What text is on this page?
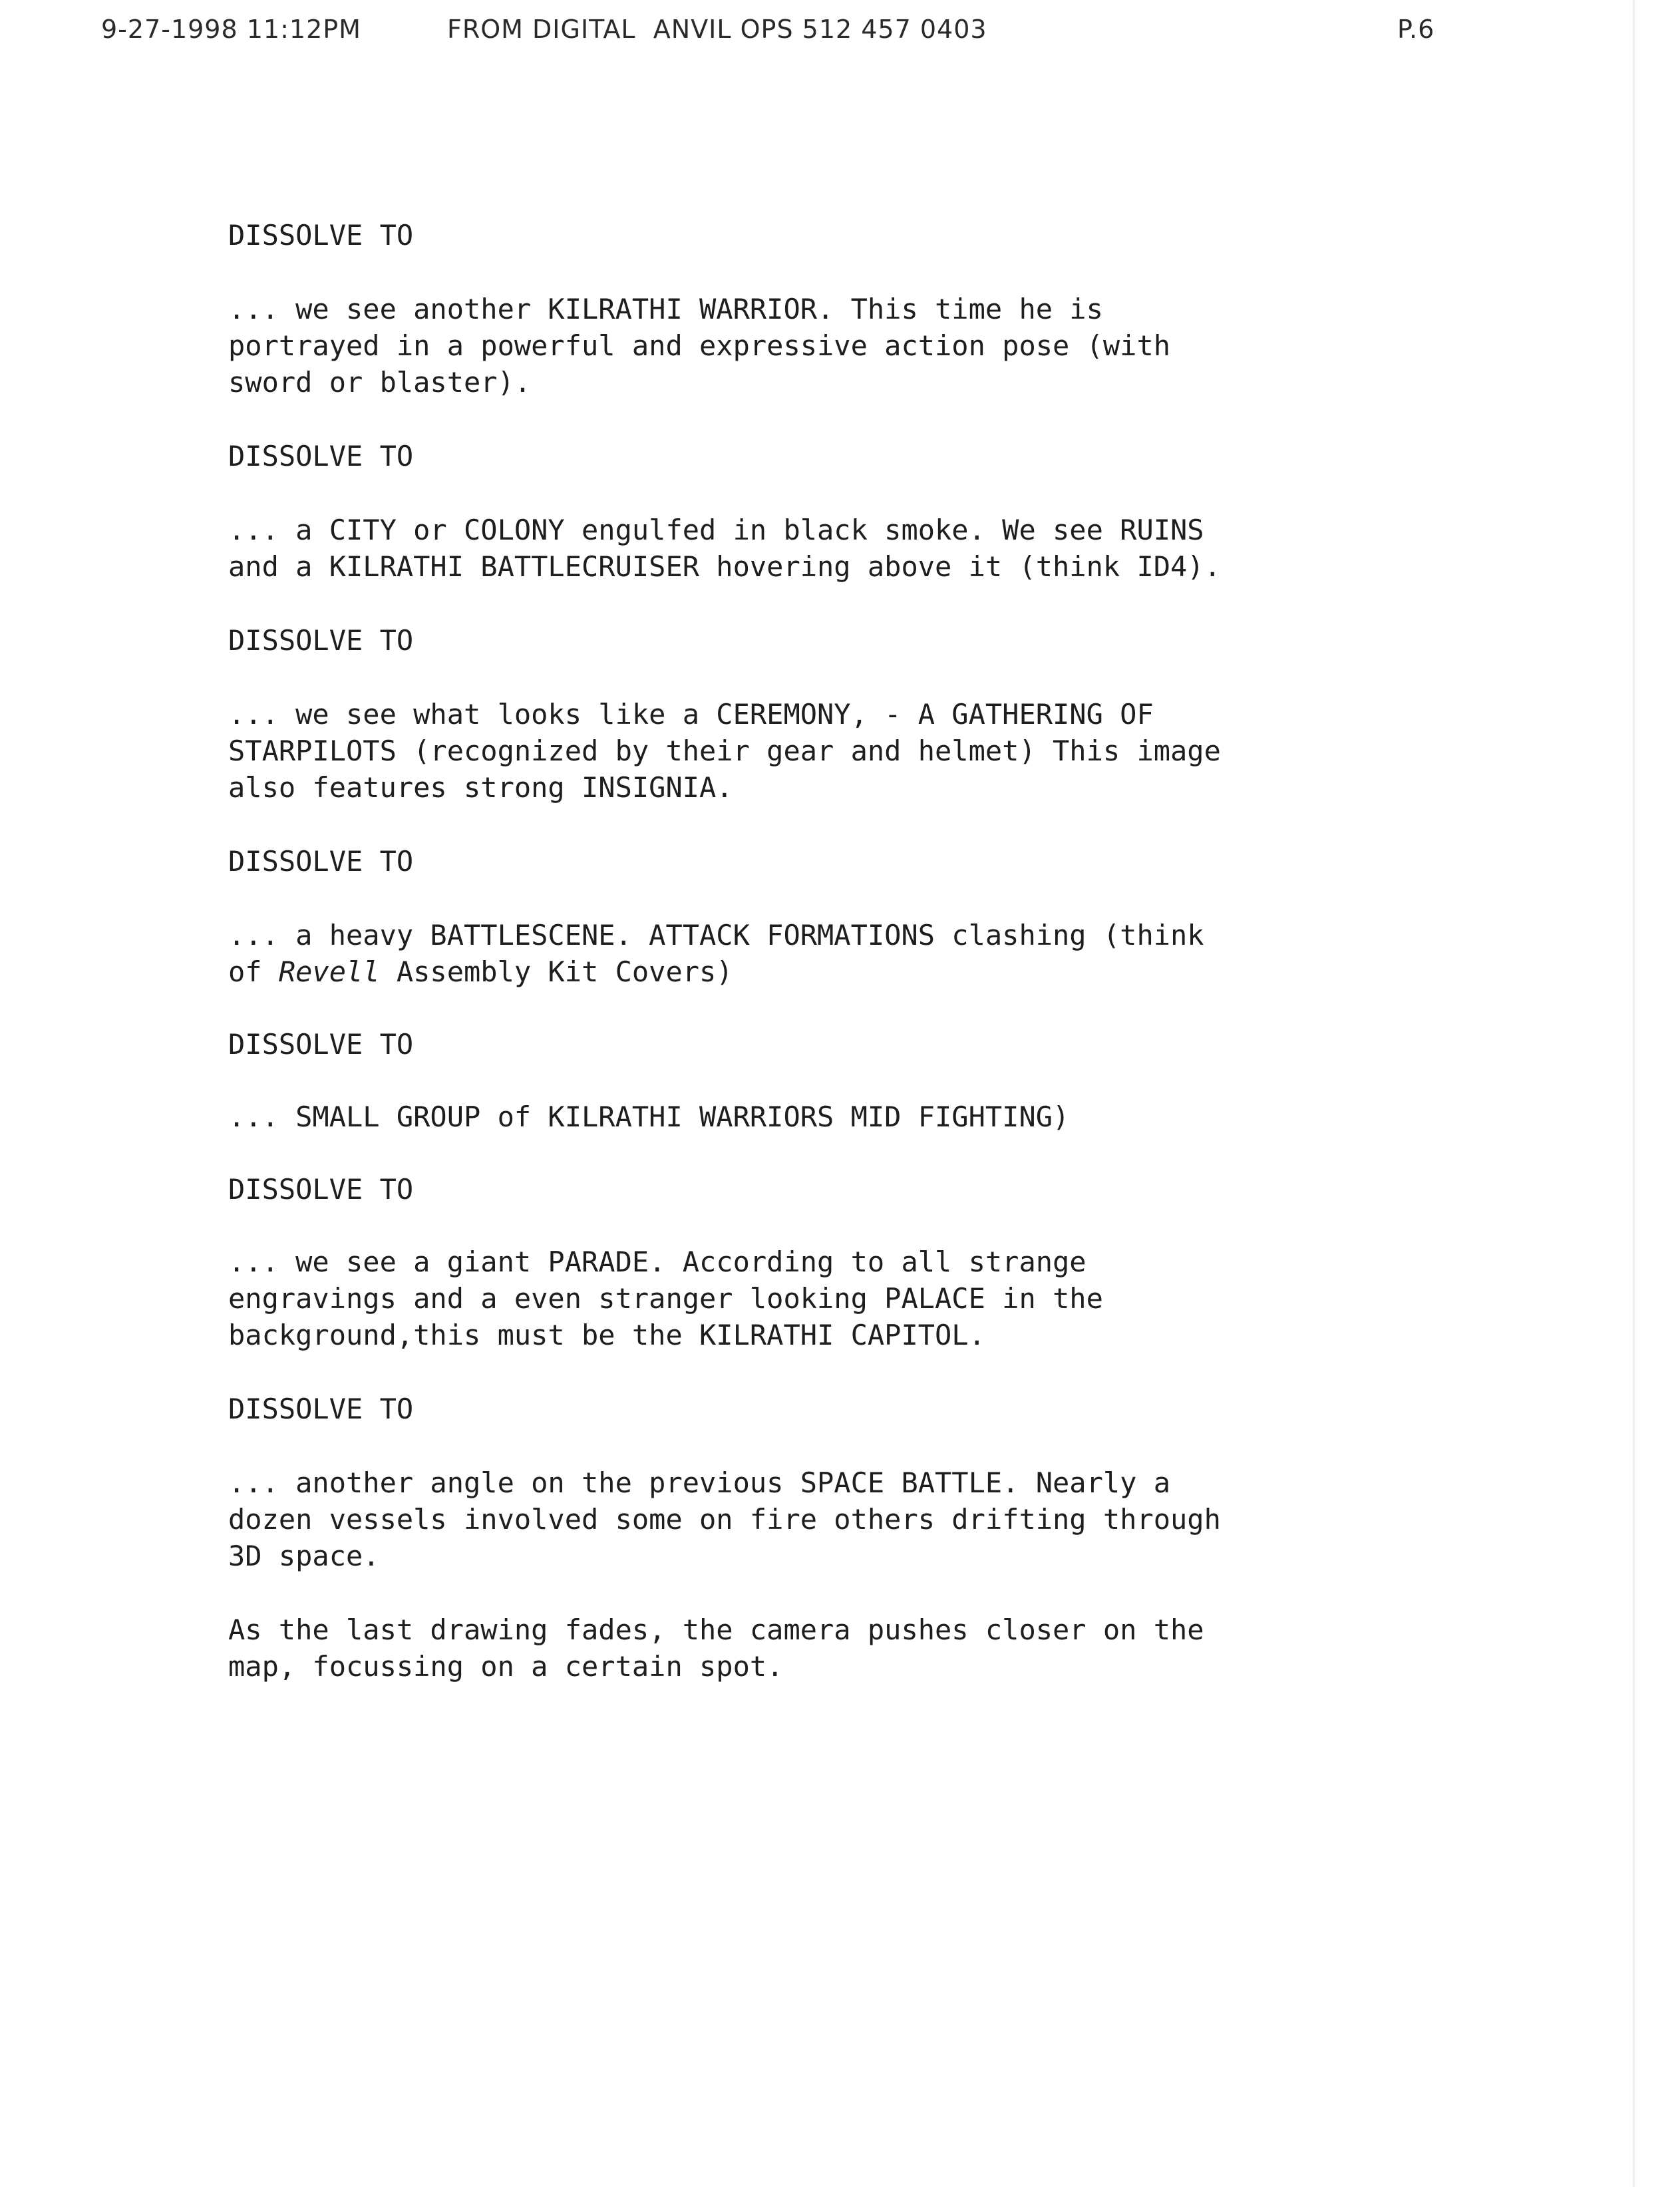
9-27-1998 11:12PM	FROM DIGITAL  ANVIL OPS 512 457 0403	P.6

DISSOLVE TO

... we see another KILRATHI WARRIOR. This time he is
portrayed in a powerful and expressive action pose (with
sword or blaster).

DISSOLVE TO

... a CITY or COLONY engulfed in black smoke. We see RUINS
and a KILRATHI BATTLECRUISER hovering above it (think ID4).

DISSOLVE TO

... we see what looks like a CEREMONY, - A GATHERING OF
STARPILOTS (recognized by their gear and helmet) This image
also features strong INSIGNIA.

DISSOLVE TO

... a heavy BATTLESCENE. ATTACK FORMATIONS clashing (think
of Revell Assembly Kit Covers)

DISSOLVE TO

... SMALL GROUP of KILRATHI WARRIORS MID FIGHTING)

DISSOLVE TO

... we see a giant PARADE. According to all strange
engravings and a even stranger looking PALACE in the
background,this must be the KILRATHI CAPITOL.

DISSOLVE TO

... another angle on the previous SPACE BATTLE. Nearly a
dozen vessels involved some on fire others drifting through
3D space.

As the last drawing fades, the camera pushes closer on the
map, focussing on a certain spot.
